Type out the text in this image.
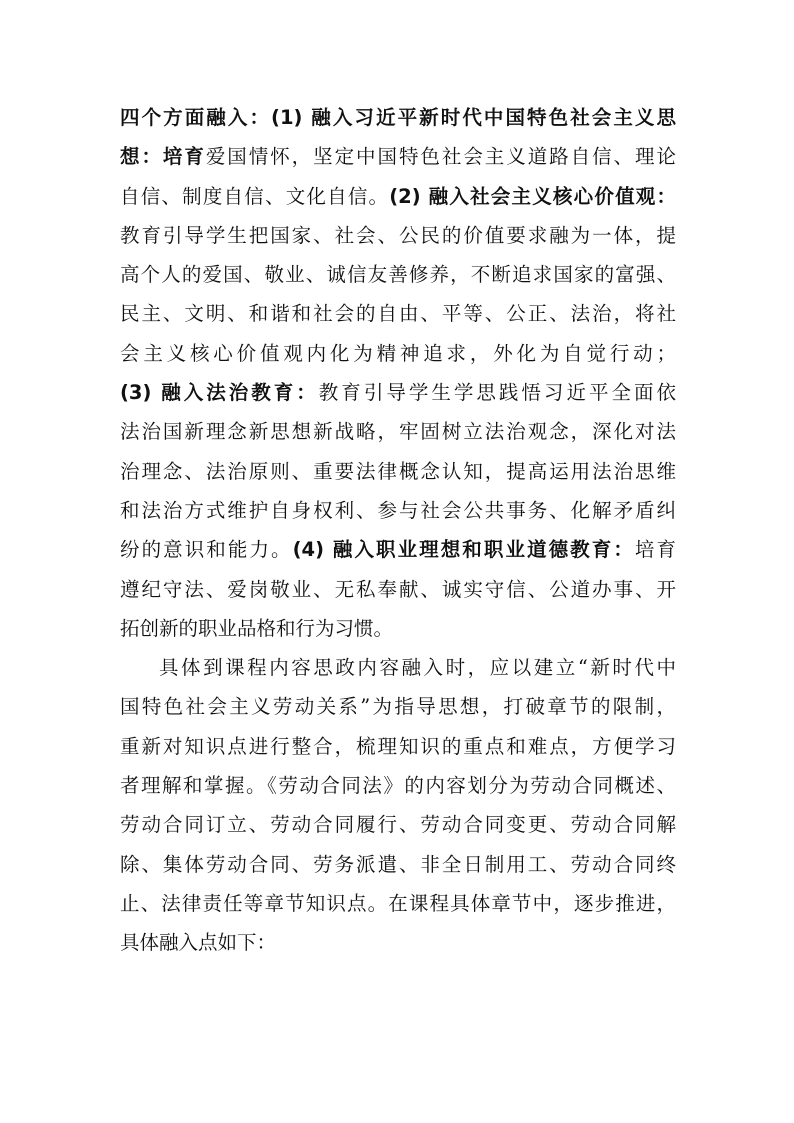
四个方面融入：(1) 融入习近平新时代中国特色社会主义思
想：培育爱国情怀，坚定中国特色社会主义道路自信、理论
自信、制度自信、文化自信。(2) 融入社会主义核心价值观：
教育引导学生把国家、社会、公民的价值要求融为一体，提
高个人的爱国、敬业、诚信友善修养，不断追求国家的富强、
民主、文明、和谐和社会的自由、平等、公正、法治，将社
会主义核心价值观内化为精神追求，外化为自觉行动；
(3) 融入法治教育：教育引导学生学思践悟习近平全面依
法治国新理念新思想新战略，牢固树立法治观念，深化对法
治理念、法治原则、重要法律概念认知，提高运用法治思维
和法治方式维护自身权利、参与社会公共事务、化解矛盾纠
纷的意识和能力。(4) 融入职业理想和职业道德教育：培育
遵纪守法、爱岗敬业、无私奉献、诚实守信、公道办事、开
拓创新的职业品格和行为习惯。
具体到课程内容思政内容融入时，应以建立“新时代中
国特色社会主义劳动关系”为指导思想，打破章节的限制，
重新对知识点进行整合，梳理知识的重点和难点，方便学习
者理解和掌握。《劳动合同法》的内容划分为劳动合同概述、
劳动合同订立、劳动合同履行、劳动合同变更、劳动合同解
除、集体劳动合同、劳务派遣、非全日制用工、劳动合同终
止、法律责任等章节知识点。在课程具体章节中，逐步推进，
具体融入点如下：
